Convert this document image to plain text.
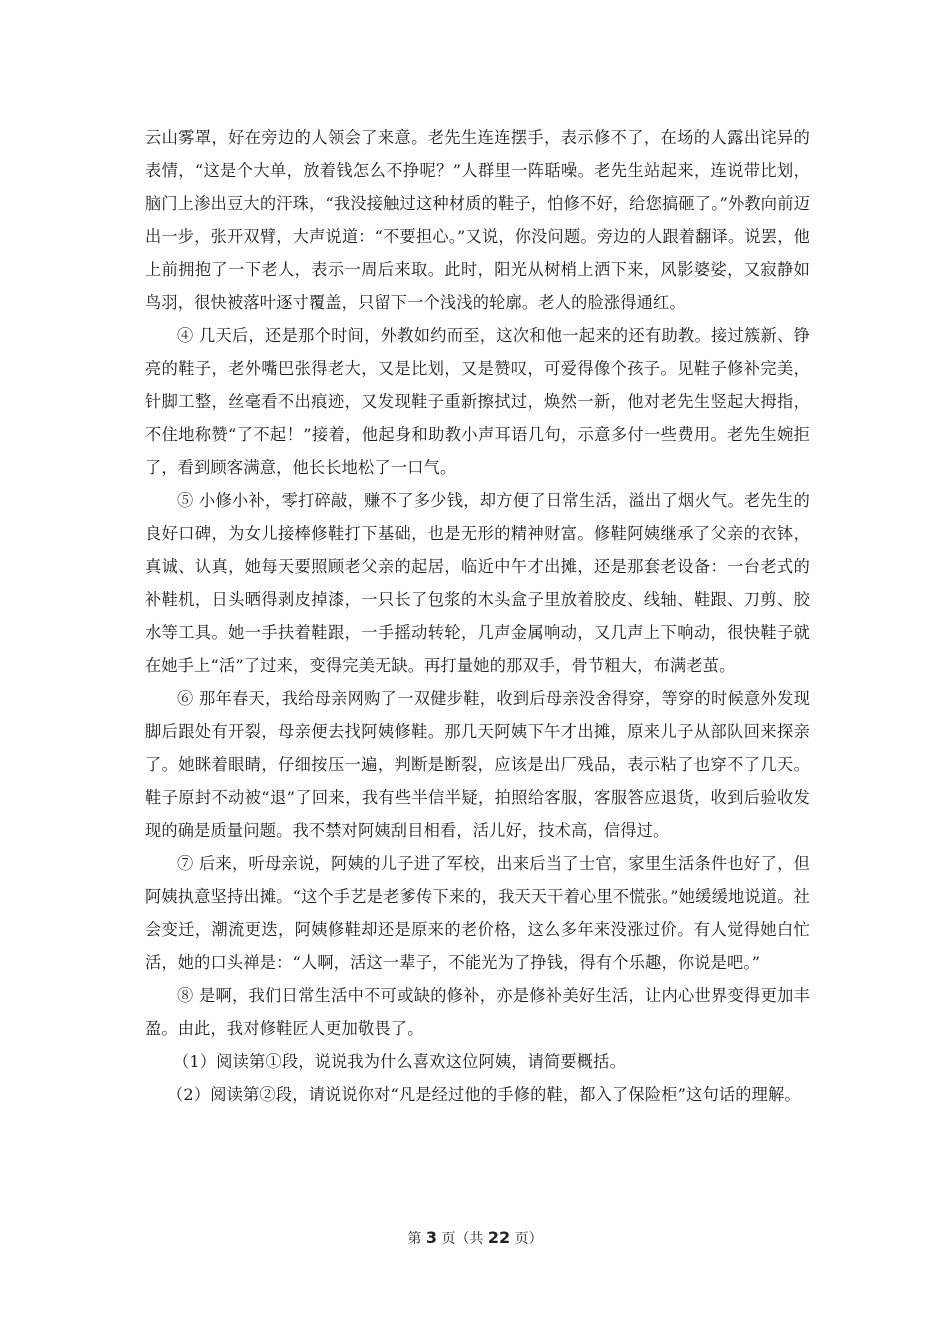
云山雾罩，好在旁边的人领会了来意。老先生连连摆手，表示修不了，在场的人露出诧异的表情，“这是个大单，放着钱怎么不挣呢？”人群里一阵聒噪。老先生站起来，连说带比划，脑门上渗出豆大的汗珠，“我没接触过这种材质的鞋子，怕修不好，给您搞砸了。”外教向前迈出一步，张开双臂，大声说道：“不要担心。”又说，你没问题。旁边的人跟着翻译。说罢，他上前拥抱了一下老人，表示一周后来取。此时，阳光从树梢上洒下来，风影婆娑，又寂静如鸟羽，很快被落叶逐寸覆盖，只留下一个浅浅的轮廓。老人的脸涨得通红。

④ 几天后，还是那个时间，外教如约而至，这次和他一起来的还有助教。接过簇新、铮亮的鞋子，老外嘴巴张得老大，又是比划，又是赞叹，可爱得像个孩子。见鞋子修补完美，针脚工整，丝毫看不出痕迹，又发现鞋子重新擦拭过，焕然一新，他对老先生竖起大拇指，不住地称赞“了不起！”接着，他起身和助教小声耳语几句，示意多付一些费用。老先生婉拒了，看到顾客满意，他长长地松了一口气。

⑤ 小修小补，零打碎敲，赚不了多少钱，却方便了日常生活，溢出了烟火气。老先生的良好口碑，为女儿接棒修鞋打下基础，也是无形的精神财富。修鞋阿姨继承了父亲的衣钵，真诚、认真，她每天要照顾老父亲的起居，临近中午才出摊，还是那套老设备：一台老式的补鞋机，日头晒得剥皮掉漆，一只长了包浆的木头盒子里放着胶皮、线轴、鞋跟、刀剪、胶水等工具。她一手扶着鞋跟，一手摇动转轮，几声金属响动，又几声上下响动，很快鞋子就在她手上“活”了过来，变得完美无缺。再打量她的那双手，骨节粗大，布满老茧。

⑥ 那年春天，我给母亲网购了一双健步鞋，收到后母亲没舍得穿，等穿的时候意外发现脚后跟处有开裂，母亲便去找阿姨修鞋。那几天阿姨下午才出摊，原来儿子从部队回来探亲了。她眯着眼睛，仔细按压一遍，判断是断裂，应该是出厂残品，表示粘了也穿不了几天。鞋子原封不动被“退”了回来，我有些半信半疑，拍照给客服，客服答应退货，收到后验收发现的确是质量问题。我不禁对阿姨刮目相看，活儿好，技术高，信得过。

⑦ 后来，听母亲说，阿姨的儿子进了军校，出来后当了士官，家里生活条件也好了，但阿姨执意坚持出摊。“这个手艺是老爹传下来的，我天天干着心里不慌张。”她缓缓地说道。社会变迁，潮流更迭，阿姨修鞋却还是原来的老价格，这么多年来没涨过价。有人觉得她白忙活，她的口头禅是：“人啊，活这一辈子，不能光为了挣钱，得有个乐趣，你说是吧。”

⑧ 是啊，我们日常生活中不可或缺的修补，亦是修补美好生活，让内心世界变得更加丰盈。由此，我对修鞋匠人更加敬畏了。

（1）阅读第①段，说说我为什么喜欢这位阿姨，请简要概括。

（2）阅读第②段，请说说你对“凡是经过他的手修的鞋，都入了保险柜”这句话的理解。

第 3 页（共 22 页）
